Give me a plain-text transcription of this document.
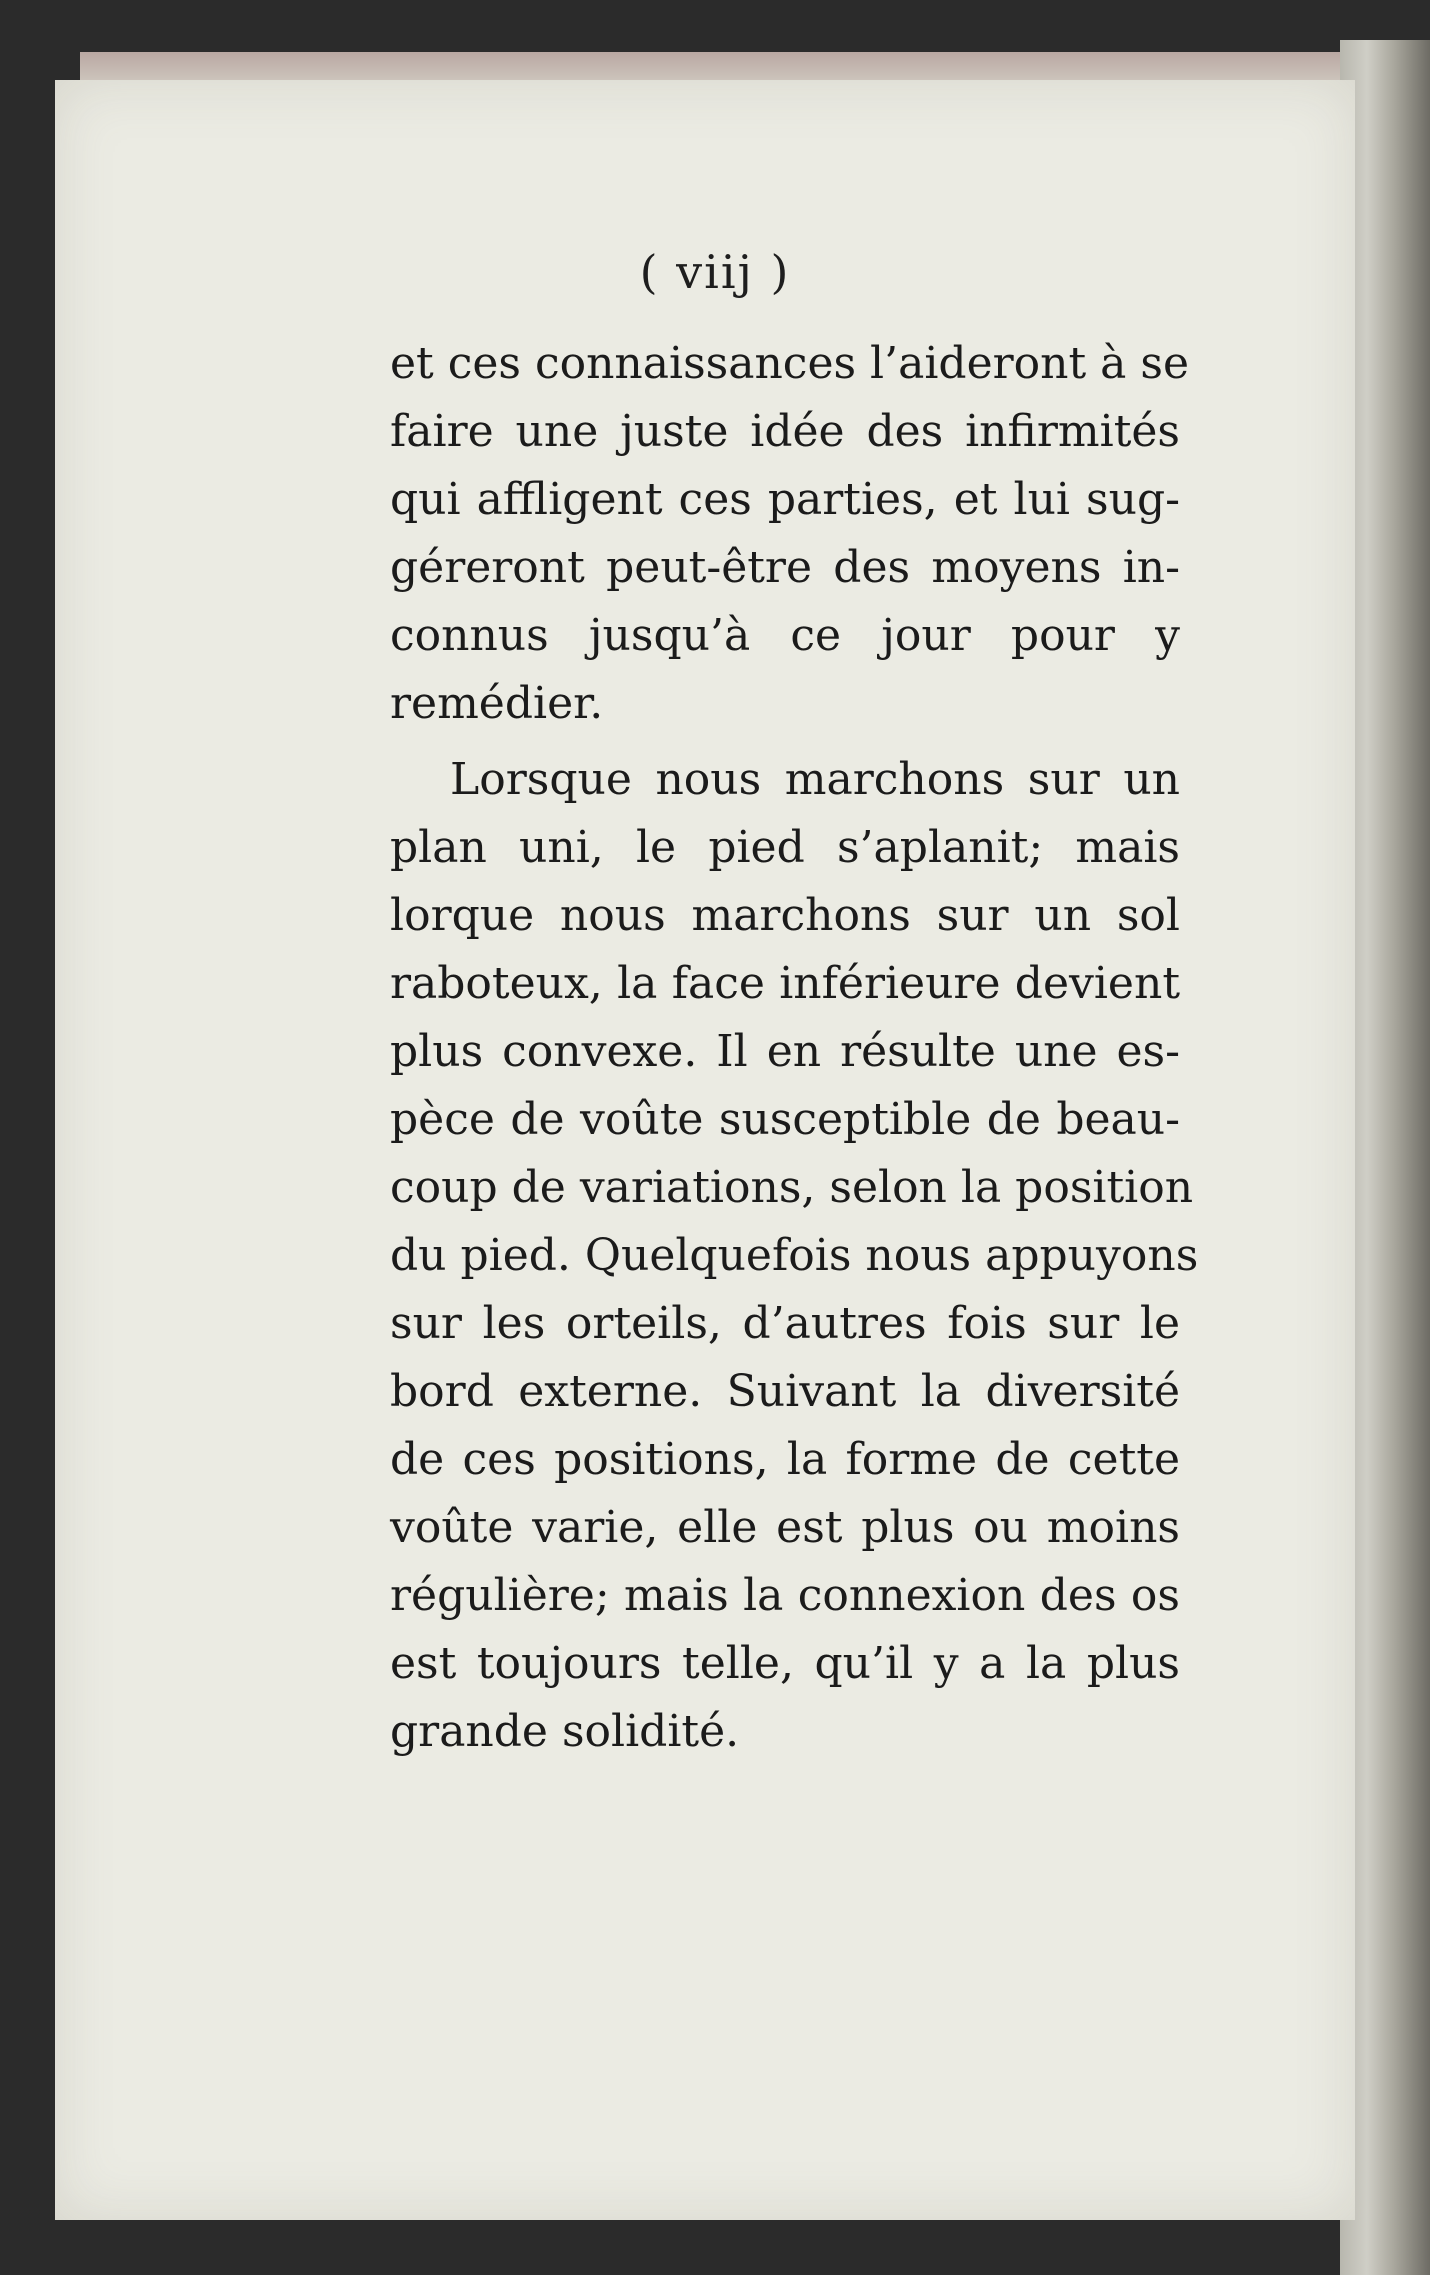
( viij )
et ces connaissances l’aideront à se
faire une juste idée des infirmités
qui affligent ces parties, et lui sug-
géreront peut-être des moyens in-
connus jusqu’à ce jour pour y
remédier.
Lorsque nous marchons sur un
plan uni, le pied s’aplanit; mais
lorque nous marchons sur un sol
raboteux, la face inférieure devient
plus convexe. Il en résulte une es-
pèce de voûte susceptible de beau-
coup de variations, selon la position
du pied. Quelquefois nous appuyons
sur les orteils, d’autres fois sur le
bord externe. Suivant la diversité
de ces positions, la forme de cette
voûte varie, elle est plus ou moins
régulière; mais la connexion des os
est toujours telle, qu’il y a la plus
grande solidité.
